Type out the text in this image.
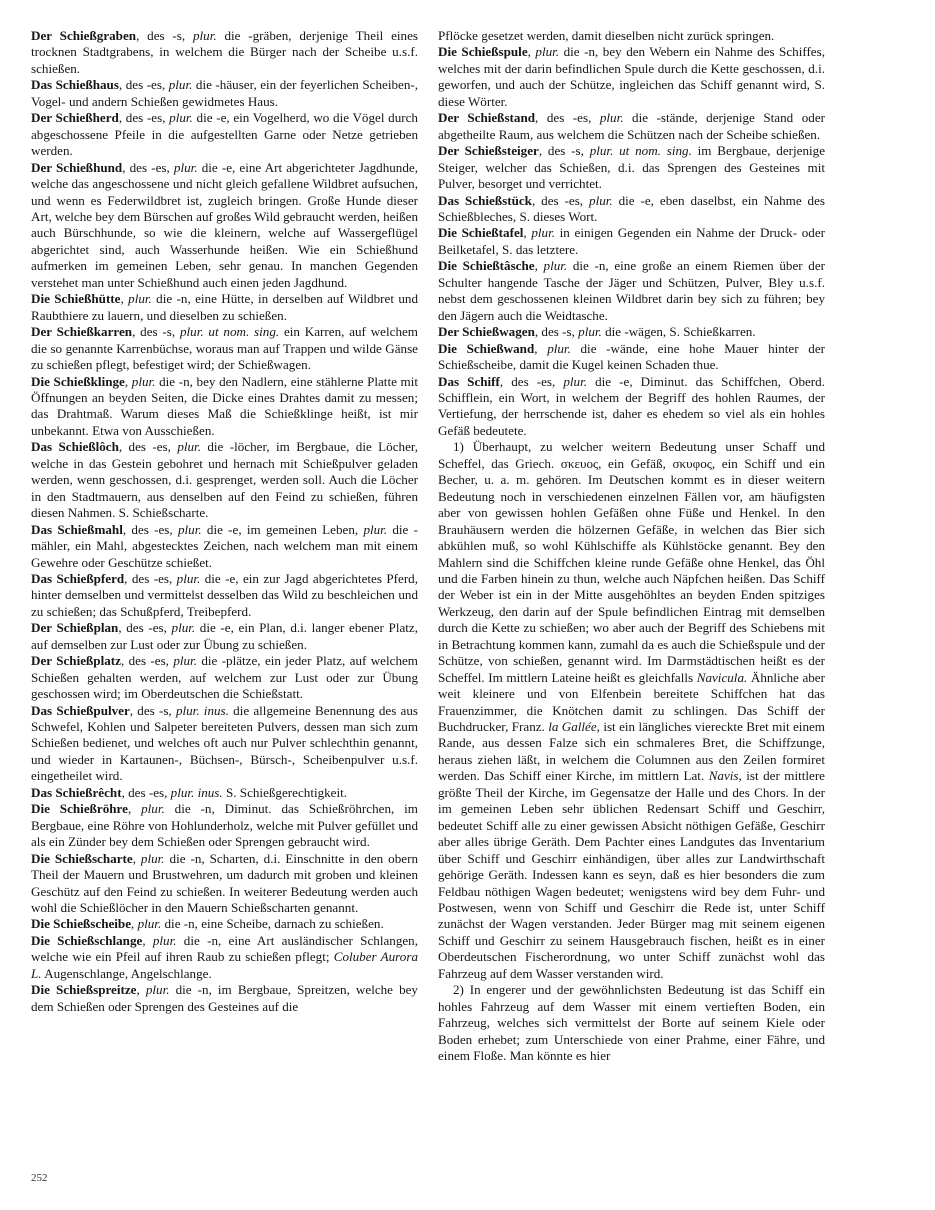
Der Schießgraben, des -s, plur. die -gräben, derjenige Theil eines trocknen Stadtgrabens, in welchem die Bürger nach der Scheibe u.s.f. schießen.

Das Schießhaus, des -es, plur. die -häuser, ein der feyerlichen Scheiben-, Vogel- und andern Schießen gewidmetes Haus.

Der Schießherd, des -es, plur. die -e, ein Vogelherd, wo die Vögel durch abgeschossene Pfeile in die aufgestellten Garne oder Netze getrieben werden.

Der Schießhund, des -es, plur. die -e, eine Art abgerichteter Jagdhunde, welche das angeschossene und nicht gleich gefallene Wildbret aufsuchen, und wenn es Federwildbret ist, zugleich bringen. Große Hunde dieser Art, welche bey dem Bürschen auf großes Wild gebraucht werden, heißen auch Bürschhunde, so wie die kleinern, welche auf Wassergeflügel abgerichtet sind, auch Wasserhunde heißen. Wie ein Schießhund aufmerken im gemeinen Leben, sehr genau. In manchen Gegenden verstehet man unter Schießhund auch einen jeden Jagdhund.

Die Schießhütte, plur. die -n, eine Hütte, in derselben auf Wildbret und Raubthiere zu lauern, und dieselben zu schießen.

Der Schießkarren, des -s, plur. ut nom. sing. ein Karren, auf welchem die so genannte Karrenbüchse, woraus man auf Trappen und wilde Gänse zu schießen pflegt, befestiget wird; der Schießwagen.

Die Schießklinge, plur. die -n, bey den Nadlern, eine stählerne Platte mit Öffnungen an beyden Seiten, die Dicke eines Drahtes damit zu messen; das Drahtmaß. Warum dieses Maß die Schießklinge heißt, ist mir unbekannt. Etwa von Ausschießen.

Das Schießlôch, des -es, plur. die -löcher, im Bergbaue, die Löcher, welche in das Gestein gebohret und hernach mit Schießpulver geladen werden, wenn geschossen, d.i. gesprenget, werden soll. Auch die Löcher in den Stadtmauern, aus denselben auf den Feind zu schießen, führen diesen Nahmen. S. Schießscharte.

Das Schießmahl, des -es, plur. die -e, im gemeinen Leben, plur. die -mähler, ein Mahl, abgestecktes Zeichen, nach welchem man mit einem Gewehre oder Geschütze schießet.

Das Schießpferd, des -es, plur. die -e, ein zur Jagd abgerichtetes Pferd, hinter demselben und vermittelst desselben das Wild zu beschleichen und zu schießen; das Schußpferd, Treibepferd.

Der Schießplan, des -es, plur. die -e, ein Plan, d.i. langer ebener Platz, auf demselben zur Lust oder zur Übung zu schießen.

Der Schießplatz, des -es, plur. die -plätze, ein jeder Platz, auf welchem Schießen gehalten werden, auf welchem zur Lust oder zur Übung geschossen wird; im Oberdeutschen die Schießstatt.

Das Schießpulver, des -s, plur. inus. die allgemeine Benennung des aus Schwefel, Kohlen und Salpeter bereiteten Pulvers, dessen man sich zum Schießen bedienet, und welches oft auch nur Pulver schlechthin genannt, und wieder in Kartaunen-, Büchsen-, Bürsch-, Scheibenpulver u.s.f. eingetheilet wird.

Das Schießrêcht, des -es, plur. inus. S. Schießgerechtigkeit.

Die Schießröhre, plur. die -n, Diminut. das Schießröhrchen, im Bergbaue, eine Röhre von Hohlunderholz, welche mit Pulver gefüllet und als ein Zünder bey dem Schießen oder Sprengen gebraucht wird.

Die Schießscharte, plur. die -n, Scharten, d.i. Einschnitte in den obern Theil der Mauern und Brustwehren, um dadurch mit groben und kleinen Geschütz auf den Feind zu schießen. In weiterer Bedeutung werden auch wohl die Schießlöcher in den Mauern Schießscharten genannt.

Die Schießscheibe, plur. die -n, eine Scheibe, darnach zu schießen.

Die Schießschlange, plur. die -n, eine Art ausländischer Schlangen, welche wie ein Pfeil auf ihren Raub zu schießen pflegt; Coluber Aurora L. Augenschlange, Angelschlange.

Die Schießspreitze, plur. die -n, im Bergbaue, Spreitzen, welche bey dem Schießen oder Sprengen des Gesteines auf die

Pflöcke gesetzet werden, damit dieselben nicht zurück springen.

Die Schießspule, plur. die -n, bey den Webern ein Nahme des Schiffes, welches mit der darin befindlichen Spule durch die Kette geschossen, d.i. geworfen, und auch der Schütze, ingleichen das Schiff genannt wird, S. diese Wörter.

Der Schießstand, des -es, plur. die -stände, derjenige Stand oder abgetheilte Raum, aus welchem die Schützen nach der Scheibe schießen.

Der Schießsteiger, des -s, plur. ut nom. sing. im Bergbaue, derjenige Steiger, welcher das Schießen, d.i. das Sprengen des Gesteines mit Pulver, besorget und verrichtet.

Das Schießstück, des -es, plur. die -e, eben daselbst, ein Nahme des Schießbleches, S. dieses Wort.

Die Schießtafel, plur. in einigen Gegenden ein Nahme der Druck- oder Beilketafel, S. das letztere.

Die Schießtâsche, plur. die -n, eine große an einem Riemen über der Schulter hangende Tasche der Jäger und Schützen, Pulver, Bley u.s.f. nebst dem geschossenen kleinen Wildbret darin bey sich zu führen; bey den Jägern auch die Weidtasche.

Der Schießwagen, des -s, plur. die -wägen, S. Schießkarren.

Die Schießwand, plur. die -wände, eine hohe Mauer hinter der Schießscheibe, damit die Kugel keinen Schaden thue.

Das Schiff, des -es, plur. die -e, Diminut. das Schiffchen, Oberd. Schifflein, ein Wort, in welchem der Begriff des hohlen Raumes, der Vertiefung, der herrschende ist, daher es ehedem so viel als ein hohles Gefäß bedeutete.

1) Überhaupt, zu welcher weitern Bedeutung unser Schaff und Scheffel, das Griech. σκευος, ein Gefäß, σκυφος, ein Schiff und ein Becher, u. a. m. gehören. Im Deutschen kommt es in dieser weitern Bedeutung noch in verschiedenen einzelnen Fällen vor, am häufigsten aber von gewissen hohlen Gefäßen ohne Füße und Henkel. In den Brauhäusern werden die hölzernen Gefäße, in welchen das Bier sich abkühlen muß, so wohl Kühlschiffe als Kühlstöcke genannt. Bey den Mahlern sind die Schiffchen kleine runde Gefäße ohne Henkel, das Öhl und die Farben hinein zu thun, welche auch Näpfchen heißen. Das Schiff der Weber ist ein in der Mitte ausgehöhltes an beyden Enden spitziges Werkzeug, den darin auf der Spule befindlichen Eintrag mit demselben durch die Kette zu schießen; wo aber auch der Begriff des Schiebens mit in Betrachtung kommen kann, zumahl da es auch die Schießspule und der Schütze, von schießen, genannt wird. Im Darmstädtischen heißt es der Scheffel. Im mittlern Lateine heißt es gleichfalls Navicula. Ähnliche aber weit kleinere und von Elfenbein bereitete Schiffchen hat das Frauenzimmer, die Knötchen damit zu schlingen. Das Schiff der Buchdrucker, Franz. la Gallée, ist ein längliches viereckte Bret mit einem Rande, aus dessen Falze sich ein schmaleres Bret, die Schiffzunge, heraus ziehen läßt, in welchem die Columnen aus den Zeilen formiret werden. Das Schiff einer Kirche, im mittlern Lat. Navis, ist der mittlere größte Theil der Kirche, im Gegensatze der Halle und des Chors. In der im gemeinen Leben sehr üblichen Redensart Schiff und Geschirr, bedeutet Schiff alle zu einer gewissen Absicht nöthigen Gefäße, Geschirr aber alles übrige Geräth. Dem Pachter eines Landgutes das Inventarium über Schiff und Geschirr einhändigen, über alles zur Landwirthschaft gehörige Geräth. Indessen kann es seyn, daß es hier besonders die zum Feldbau nöthigen Wagen bedeutet; wenigstens wird bey dem Fuhr- und Postwesen, wenn von Schiff und Geschirr die Rede ist, unter Schiff zunächst der Wagen verstanden. Jeder Bürger mag mit seinem eigenen Schiff und Geschirr zu seinem Hausgebrauch fischen, heißt es in einer Oberdeutschen Fischerordnung, wo unter Schiff zunächst wohl das Fahrzeug auf dem Wasser verstanden wird.

2) In engerer und der gewöhnlichsten Bedeutung ist das Schiff ein hohles Fahrzeug auf dem Wasser mit einem vertieften Boden, ein Fahrzeug, welches sich vermittelst der Borte auf seinem Kiele oder Boden erhebet; zum Unterschiede von einer Prahme, einer Fähre, und einem Floße. Man könnte es hier

252
